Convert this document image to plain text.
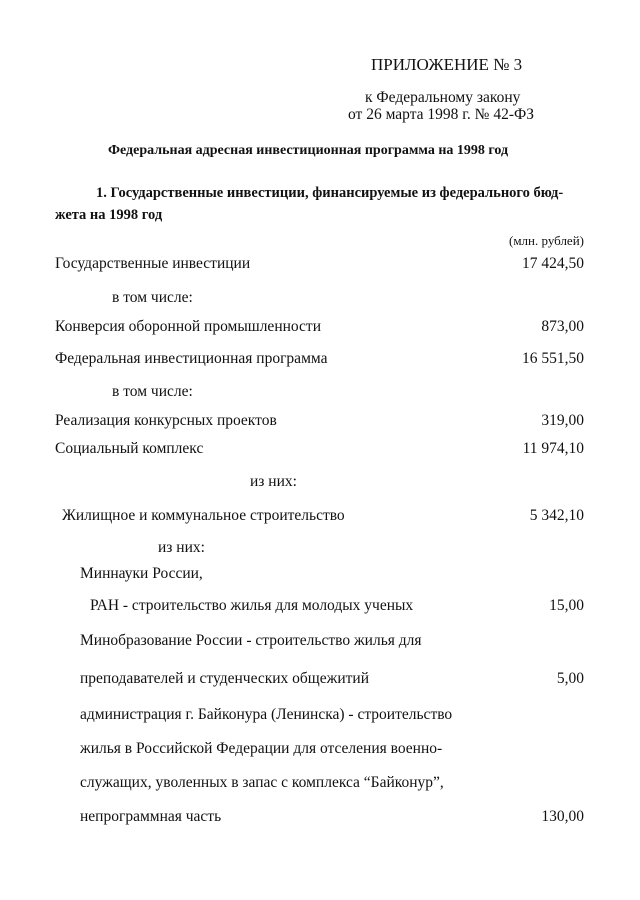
ПРИЛОЖЕНИЕ № 3
к Федеральному закону
от 26 марта 1998 г. № 42-ФЗ
Федеральная адресная инвестиционная программа на 1998 год
1. Государственные инвестиции, финансируемые из федерального бюд-
жета на 1998 год
(млн. рублей)
Государственные инвестиции	17 424,50
в том числе:
Конверсия оборонной промышленности	873,00
Федеральная инвестиционная программа	16 551,50
в том числе:
Реализация конкурсных проектов	319,00
Социальный комплекс	11 974,10
из них:
Жилищное и коммунальное строительство	5 342,10
из них:
Миннауки России,
РАН - строительство жилья для молодых ученых	15,00
Минобразование России - строительство жилья для
преподавателей и студенческих общежитий	5,00
администрация г. Байконура (Ленинска) - строительство
жилья в Российской Федерации для отселения военно-
служащих, уволенных в запас с комплекса “Байконур”,
непрограммная часть	130,00
